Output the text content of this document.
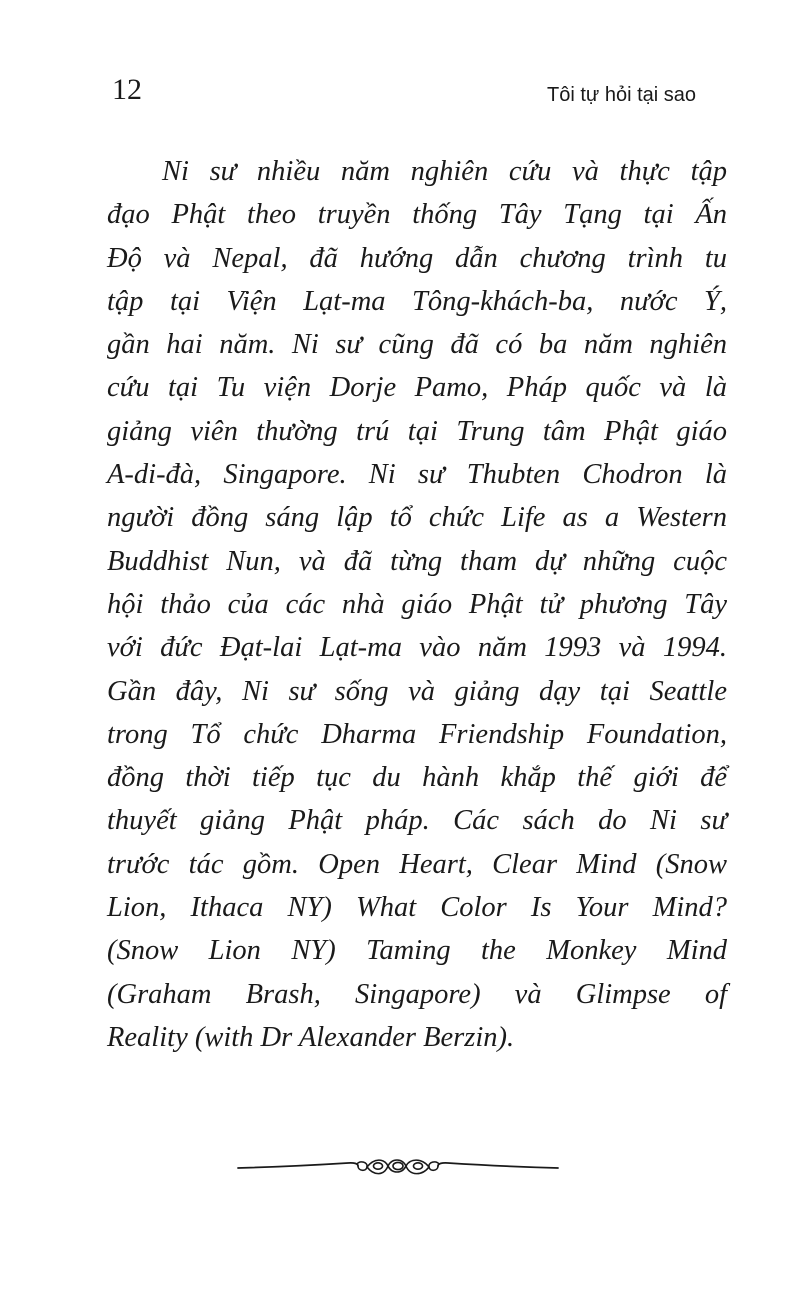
12	Tôi tự hỏi tại sao
Ni sư nhiều năm nghiên cứu và thực tập
đạo Phật theo truyền thống Tây Tạng tại Ấn
Độ và Nepal, đã hướng dẫn chương trình tu
tập tại Viện Lạt-ma Tông-khách-ba, nước Ý,
gần hai năm. Ni sư cũng đã có ba năm nghiên
cứu tại Tu viện Dorje Pamo, Pháp quốc và là
giảng viên thường trú tại Trung tâm Phật giáo
A-di-đà, Singapore. Ni sư Thubten Chodron là
người đồng sáng lập tổ chức Life as a Western
Buddhist Nun, và đã từng tham dự những cuộc
hội thảo của các nhà giáo Phật tử phương Tây
với đức Đạt-lai Lạt-ma vào năm 1993 và 1994.
Gần đây, Ni sư sống và giảng dạy tại Seattle
trong Tổ chức Dharma Friendship Foundation,
đồng thời tiếp tục du hành khắp thế giới để
thuyết giảng Phật pháp. Các sách do Ni sư
trước tác gồm. Open Heart, Clear Mind (Snow
Lion, Ithaca NY) What Color Is Your Mind?
(Snow Lion NY) Taming the Monkey Mind
(Graham Brash, Singapore) và Glimpse of
Reality (with Dr Alexander Berzin).
